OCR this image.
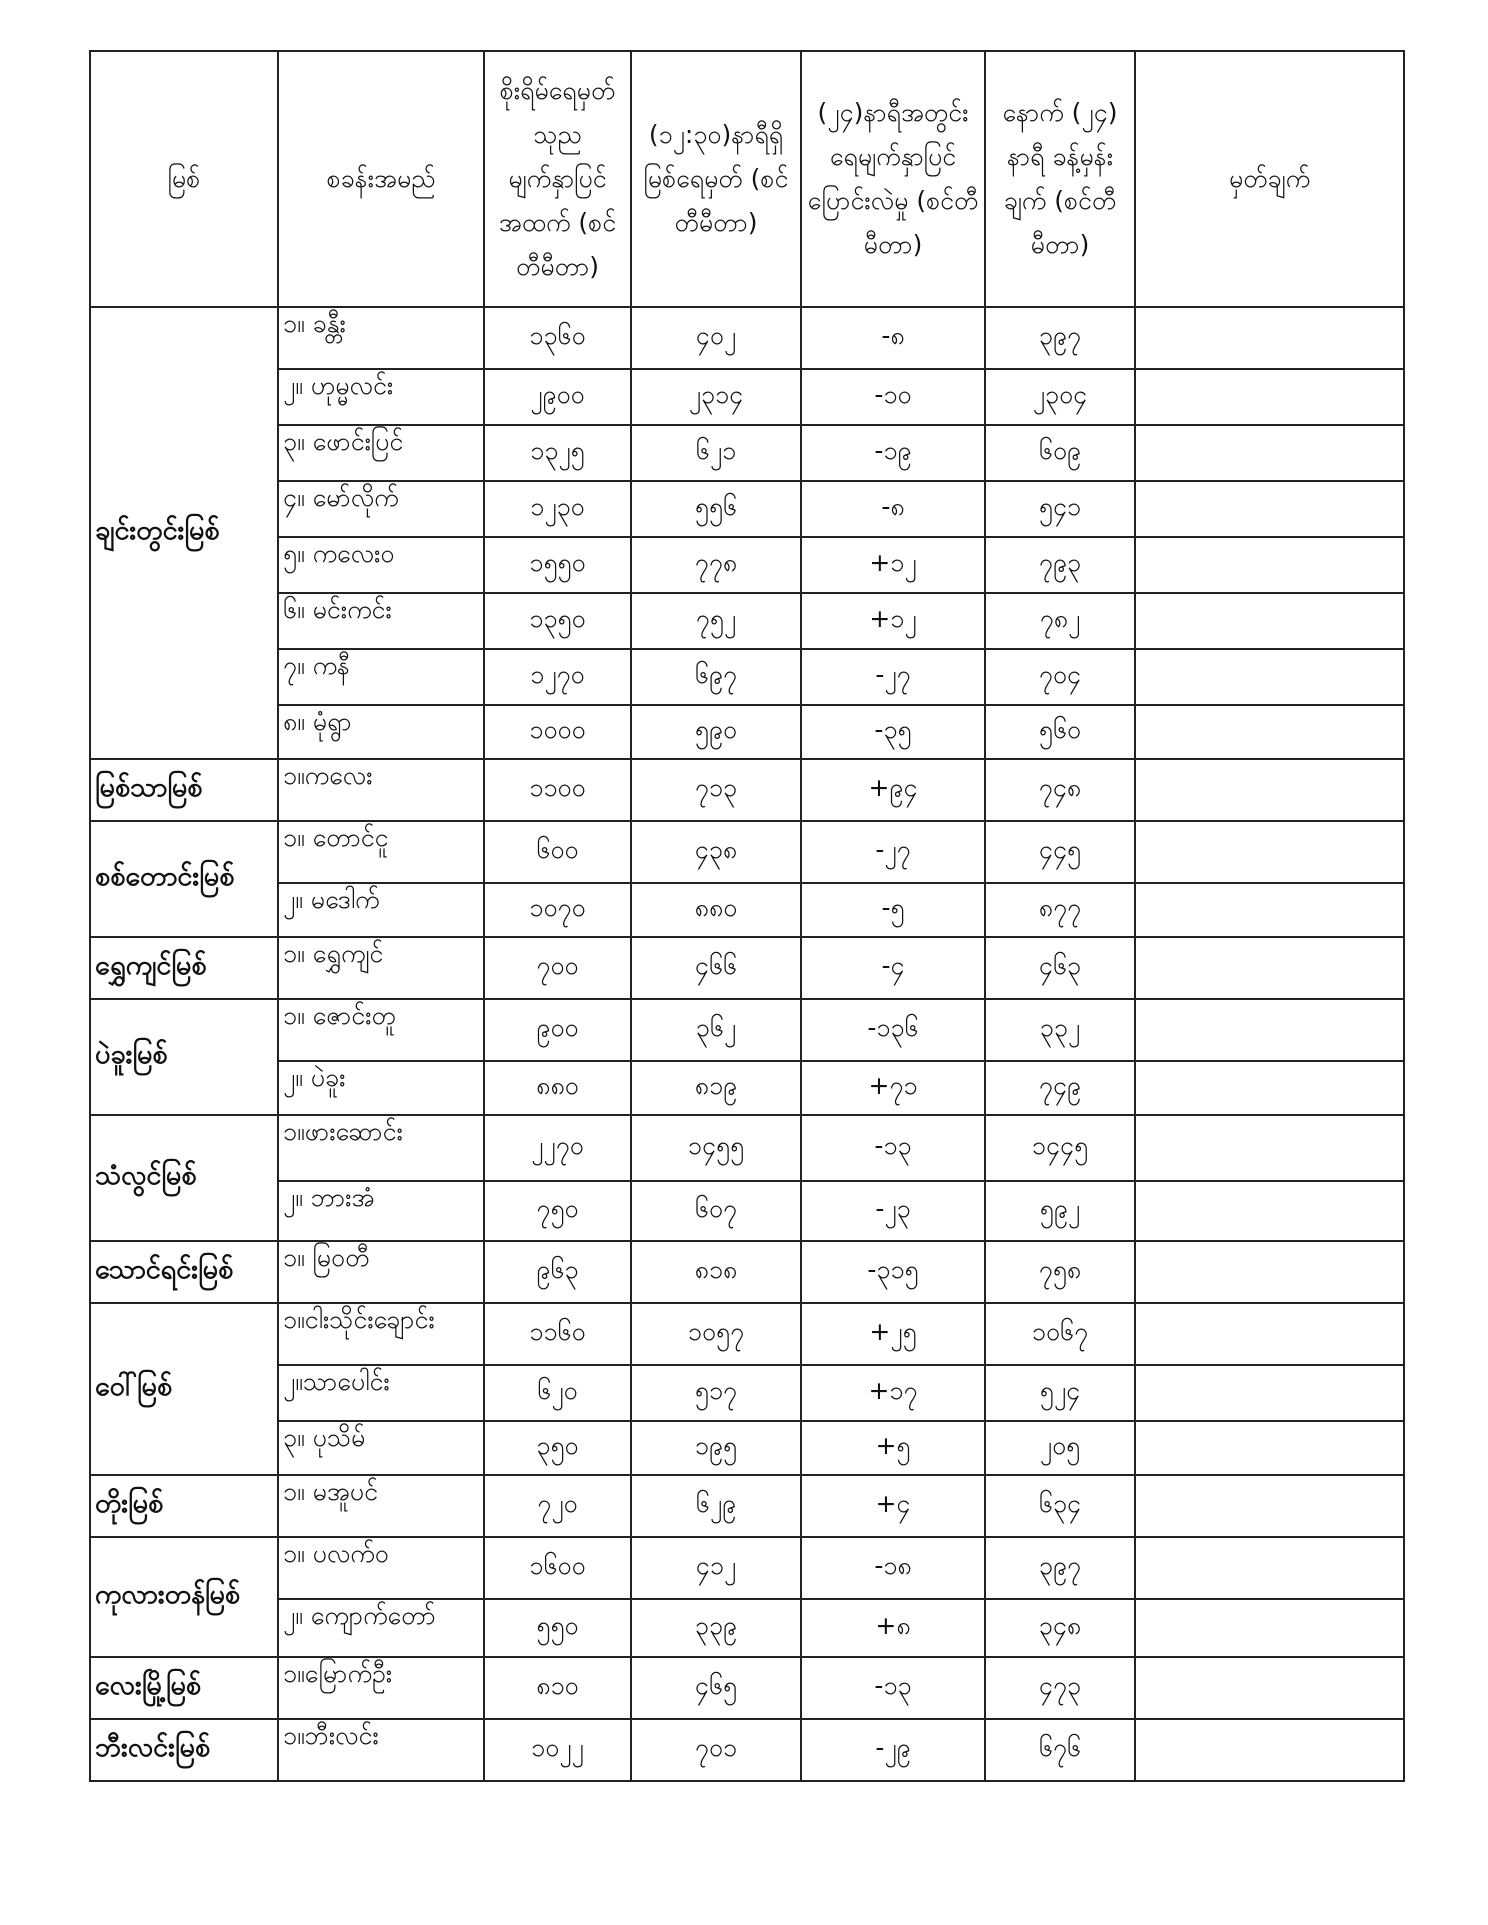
မြစ်	စခန်းအမည်	စိုးရိမ်ရေမှတ် သုည မျက်နှာပြင် အထက် (စင်တီမီတာ)	(၁၂:၃၀)နာရီရှိ မြစ်ရေမှတ် (စင်တီမီတာ)	(၂၄)နာရီအတွင်း ရေမျက်နှာပြင် ပြောင်းလဲမှု (စင်တီမီတာ)	နောက် (၂၄) နာရီ ခန့်မှန်းချက် (စင်တီမီတာ)	မှတ်ချက်
ချင်းတွင်းမြစ်	၁။ ခန္တီး	၁၃၆၀	၄၀၂	-၈	၃၉၇	
	၂။ ဟုမ္မလင်း	၂၉၀၀	၂၃၁၄	-၁၀	၂၃၀၄	
	၃။ ဖောင်းပြင်	၁၃၂၅	၆၂၁	-၁၉	၆၀၉	
	၄။ မော်လိုက်	၁၂၃၀	၅၅၆	-၈	၅၄၁	
	၅။ ကလေးဝ	၁၅၅၀	၇၇၈	+၁၂	၇၉၃	
	၆။ မင်းကင်း	၁၃၅၀	၇၅၂	+၁၂	၇၈၂	
	၇။ ကနီ	၁၂၇၀	၆၉၇	-၂၇	၇၀၄	
	၈။ မုံရွာ	၁၀၀၀	၅၉၀	-၃၅	၅၆၀	
မြစ်သာမြစ်	၁။ကလေး	၁၁၀၀	၇၁၃	+၉၄	၇၄၈	
စစ်တောင်းမြစ်	၁။ တောင်ငူ	၆၀၀	၄၃၈	-၂၇	၄၄၅	
	၂။ မဒေါက်	၁၀၇၀	၈၈၀	-၅	၈၇၇	
ရွှေကျင်မြစ်	၁။ ရွှေကျင်	၇၀၀	၄၆၆	-၄	၄၆၃	
ပဲခူးမြစ်	၁။ ဇောင်းတူ	၉၀၀	၃၆၂	-၁၃၆	၃၃၂	
	၂။ ပဲခူး	၈၈၀	၈၁၉	+၇၁	၇၄၉	
သံလွင်မြစ်	၁။ဖားဆောင်း	၂၂၇၀	၁၄၅၅	-၁၃	၁၄၄၅	
	၂။ ဘားအံ	၇၅၀	၆၀၇	-၂၃	၅၉၂	
သောင်ရင်းမြစ်	၁။ မြဝတီ	၉၆၃	၈၁၈	-၃၁၅	၇၅၈	
ဝေါ်မြစ်	၁။ငါးသိုင်းချောင်း	၁၁၆၀	၁၀၅၇	+၂၅	၁၀၆၇	
	၂။သာပေါင်း	၆၂၀	၅၁၇	+၁၇	၅၂၄	
	၃။ ပုသိမ်	၃၅၀	၁၉၅	+၅	၂၀၅	
တိုးမြစ်	၁။ မအူပင်	၇၂၀	၆၂၉	+၄	၆၃၄	
ကုလားတန်မြစ်	၁။ ပလက်ဝ	၁၆၀၀	၄၁၂	-၁၈	၃၉၇	
	၂။ ကျောက်တော်	၅၅၀	၃၃၉	+၈	၃၄၈	
လေးမြို့မြစ်	၁။မြောက်ဦး	၈၁၀	၄၆၅	-၁၃	၄၇၃	
ဘီးလင်းမြစ်	၁။ဘီးလင်း	၁၀၂၂	၇၀၁	-၂၉	၆၇၆	
